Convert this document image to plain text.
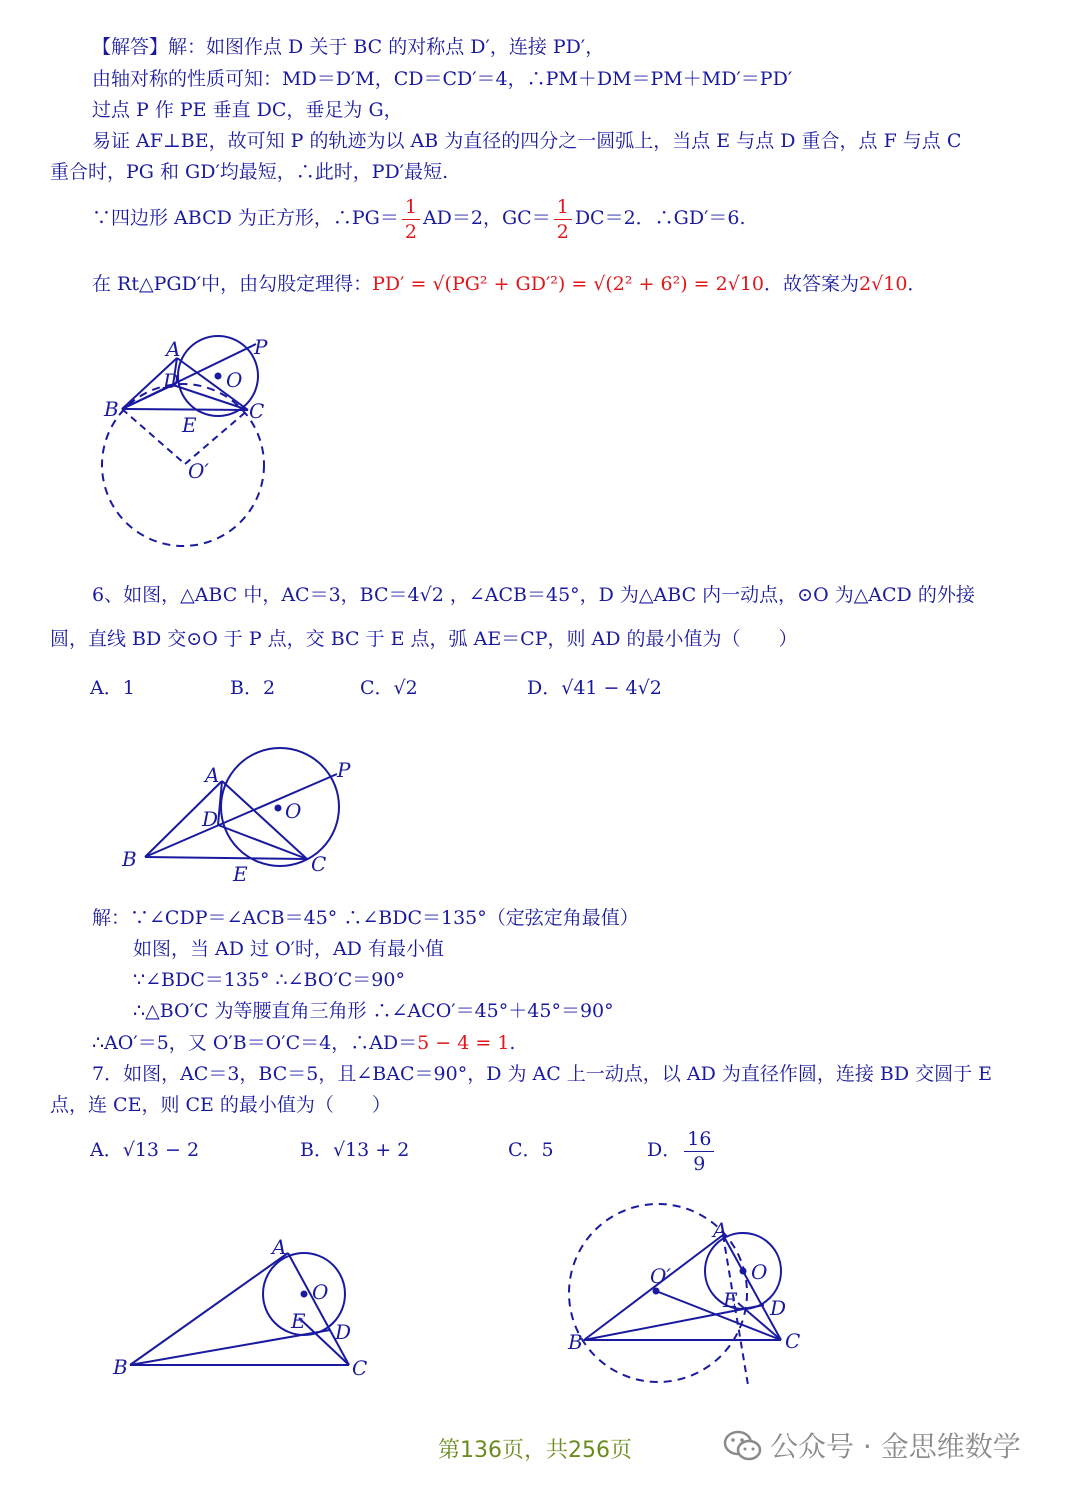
【解答】解：如图作点 D 关于 BC 的对称点 D′，连接 PD′，
由轴对称的性质可知：MD＝D′M，CD＝CD′＝4，∴PM＋DM＝PM＋MD′＝PD′
过点 P 作 PE 垂直 DC，垂足为 G，
易证 AF⊥BE，故可知 P 的轨迹为以 AB 为直径的四分之一圆弧上，当点 E 与点 D 重合，点 F 与点 C
重合时，PG 和 GD′均最短，∴此时，PD′最短.
∵四边形 ABCD 为正方形，∴PG＝ $\frac{1}{2} AD=2$，$GC= \frac{1}{2} DC=2$．∴GD′＝6.
在 Rt△PGD′中，由勾股定理得：PD′ = √(PG² + GD′²) = √(2² + 6²) = 2√10．故答案为2√10．
A	P
D O
B	C
E
O′
6、如图，△ABC 中，AC＝3，BC＝4√2 ，∠ACB＝45°，D 为△ABC 内一动点，⊙O 为△ACD 的外接
圆，直线 BD 交⊙O 于 P 点，交 BC 于 E 点，弧 AE＝CP，则 AD 的最小值为（　　）
A．1	B．2	C．√2	D．√41 − 4√2
A	P
D	O
B	C
E
解：∵∠CDP＝∠ACB＝45° ∴∠BDC＝135°（定弦定角最值）
如图，当 AD 过 O′时，AD 有最小值
∵∠BDC＝135° ∴∠BO′C＝90°
∴△BO′C 为等腰直角三角形 ∴∠ACO′＝45°＋45°＝90°
∴AO′＝5，又 O′B＝O′C＝4，∴AD＝5 − 4 = 1.
7．如图，AC＝3，BC＝5，且∠BAC＝90°，D 为 AC 上一动点，以 AD 为直径作圆，连接 BD 交圆于 E
点，连 CE，则 CE 的最小值为（　　）
A．√13 − 2	B．√13 + 2	C．5	D． $\frac{16}{9}$
A
O
E D
B	C
A
O
O′
E D
B	C
第136页，共256页	公众号 · 金思维数学
